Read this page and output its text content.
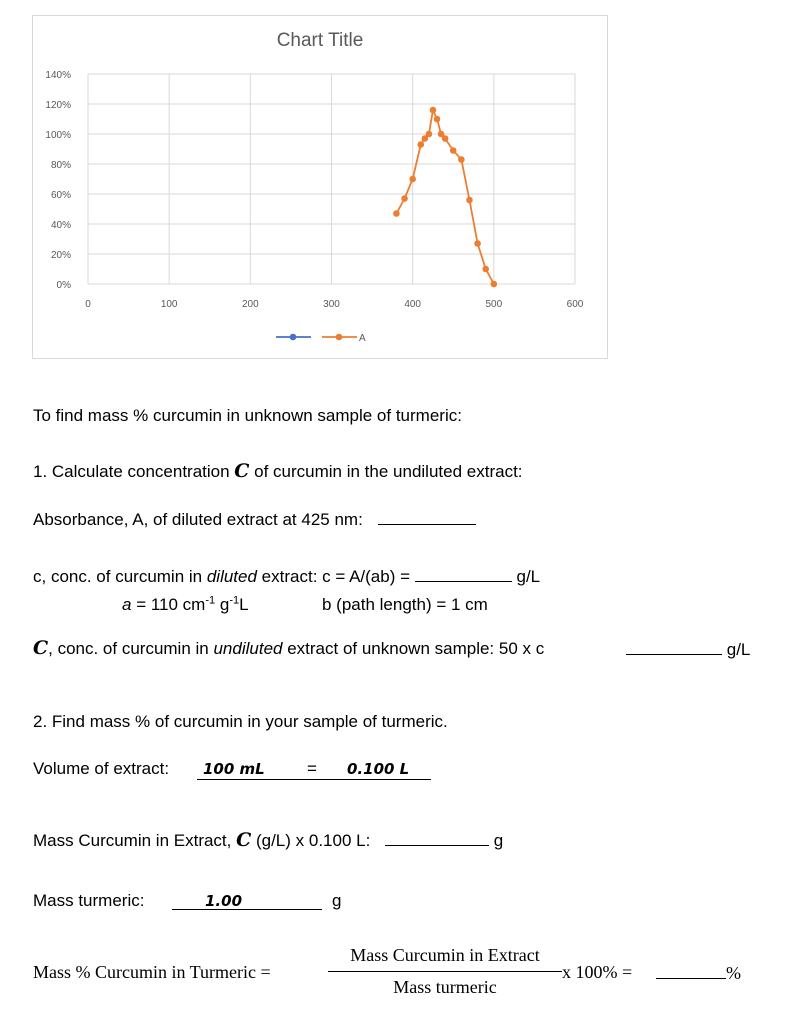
Chart Title
0%
20%
40%
60%
80%
100%
120%
140%
0	100	200	300	400	500	600
A
To find mass % curcumin in unknown sample of turmeric:
1. Calculate concentration C of curcumin in the undiluted extract:
Absorbance, A, of diluted extract at 425 nm:
c, conc. of curcumin in diluted extract: c = A/(ab) =	g/L
a = 110 $cm^{-1}$ $g^{-1}L$	b (path length) = 1 cm
C, conc. of curcumin in undiluted extract of unknown sample: 50 x c	g/L
2. Find mass % of curcumin in your sample of turmeric.
Volume of extract: 100 mL = 0.100 L
Mass Curcumin in Extract, C (g/L) x 0.100 L:	g
Mass turmeric:	1.00	g
Mass % Curcumin in Turmeric =
Mass Curcumin in Extract
Mass turmeric
x 100% =	%
